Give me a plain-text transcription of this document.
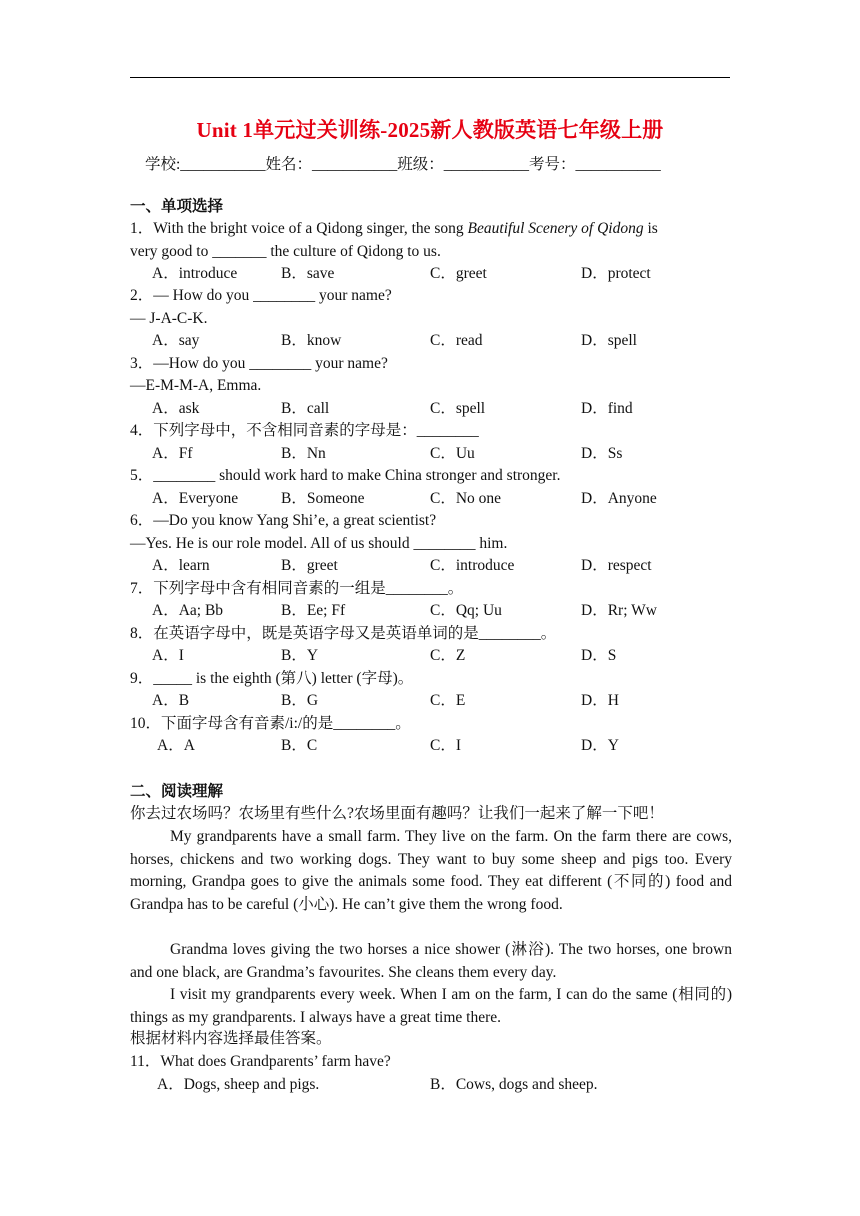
Unit 1单元过关训练-2025新人教版英语七年级上册
学校:___________姓名：___________班级：___________考号：___________
一、单项选择
1．With the bright voice of a Qidong singer, the song Beautiful Scenery of Qidong is
very good to _______ the culture of Qidong to us.
A．introduce	B．save	C．greet	D．protect
2．— How do you ________ your name?
— J-A-C-K.
A．say	B．know	C．read	D．spell
3．—How do you ________ your name?
—E-M-M-A, Emma.
A．ask	B．call	C．spell	D．find
4．下列字母中，不含相同音素的字母是：________
A．Ff	B．Nn	C．Uu	D．Ss
5．________ should work hard to make China stronger and stronger.
A．Everyone	B．Someone	C．No one	D．Anyone
6．—Do you know Yang Shi’e, a great scientist?
—Yes. He is our role model. All of us should ________ him.
A．learn	B．greet	C．introduce	D．respect
7．下列字母中含有相同音素的一组是________。
A．Aa; Bb	B．Ee; Ff	C．Qq; Uu	D．Rr; Ww
8．在英语字母中，既是英语字母又是英语单词的是________。
A．I	B．Y	C．Z	D．S
9．_____ is the eighth (第八) letter (字母)。
A．B	B．G	C．E	D．H
10．下面字母含有音素/i:/的是________。
A．A	B．C	C．I	D．Y
二、阅读理解
你去过农场吗？农场里有些什么?农场里面有趣吗？让我们一起来了解一下吧！
My grandparents have a small farm. They live on the farm. On the farm there are cows, horses, chickens and two working dogs. They want to buy some sheep and pigs too. Every morning, Grandpa goes to give the animals some food. They eat different (不同的) food and Grandpa has to be careful (小心). He can’t give them the wrong food.
Grandma loves giving the two horses a nice shower (淋浴). The two horses, one brown and one black, are Grandma’s favourites. She cleans them every day.
I visit my grandparents every week. When I am on the farm, I can do the same (相同的) things as my grandparents. I always have a great time there.
根据材料内容选择最佳答案。
11．What does Grandparents’ farm have?
A．Dogs, sheep and pigs.	B．Cows, dogs and sheep.
